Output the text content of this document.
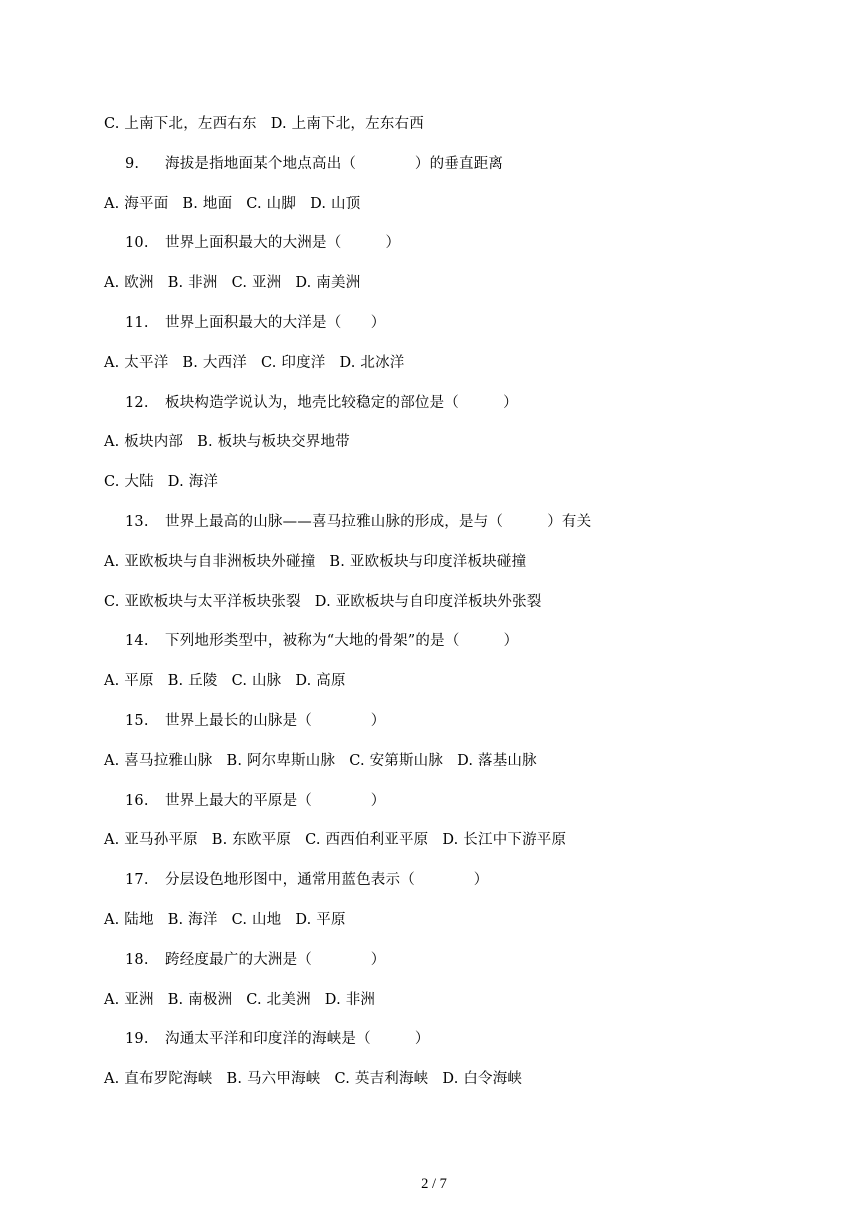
C. 上南下北，左西右东 D. 上南下北，左东右西
9. 海拔是指地面某个地点高出（　　　　）的垂直距离
A. 海平面 B. 地面 C. 山脚 D. 山顶
10. 世界上面积最大的大洲是（　　　）
A. 欧洲 B. 非洲 C. 亚洲 D. 南美洲
11. 世界上面积最大的大洋是（　　）
A. 太平洋 B. 大西洋 C. 印度洋 D. 北冰洋
12. 板块构造学说认为，地壳比较稳定的部位是（　　　）
A. 板块内部 B. 板块与板块交界地带
C. 大陆 D. 海洋
13. 世界上最高的山脉——喜马拉雅山脉的形成，是与（　　　）有关
A. 亚欧板块与自非洲板块外碰撞 B. 亚欧板块与印度洋板块碰撞
C. 亚欧板块与太平洋板块张裂 D. 亚欧板块与自印度洋板块外张裂
14. 下列地形类型中，被称为“大地的骨架”的是（　　　）
A. 平原 B. 丘陵 C. 山脉 D. 高原
15. 世界上最长的山脉是（　　　　）
A. 喜马拉雅山脉 B. 阿尔卑斯山脉 C. 安第斯山脉 D. 落基山脉
16. 世界上最大的平原是（　　　　）
A. 亚马孙平原 B. 东欧平原 C. 西西伯利亚平原 D. 长江中下游平原
17. 分层设色地形图中，通常用蓝色表示（　　　　）
A. 陆地 B. 海洋 C. 山地 D. 平原
18. 跨经度最广的大洲是（　　　　）
A. 亚洲 B. 南极洲 C. 北美洲 D. 非洲
19. 沟通太平洋和印度洋的海峡是（　　　）
A. 直布罗陀海峡 B. 马六甲海峡 C. 英吉利海峡 D. 白令海峡
2 / 7
